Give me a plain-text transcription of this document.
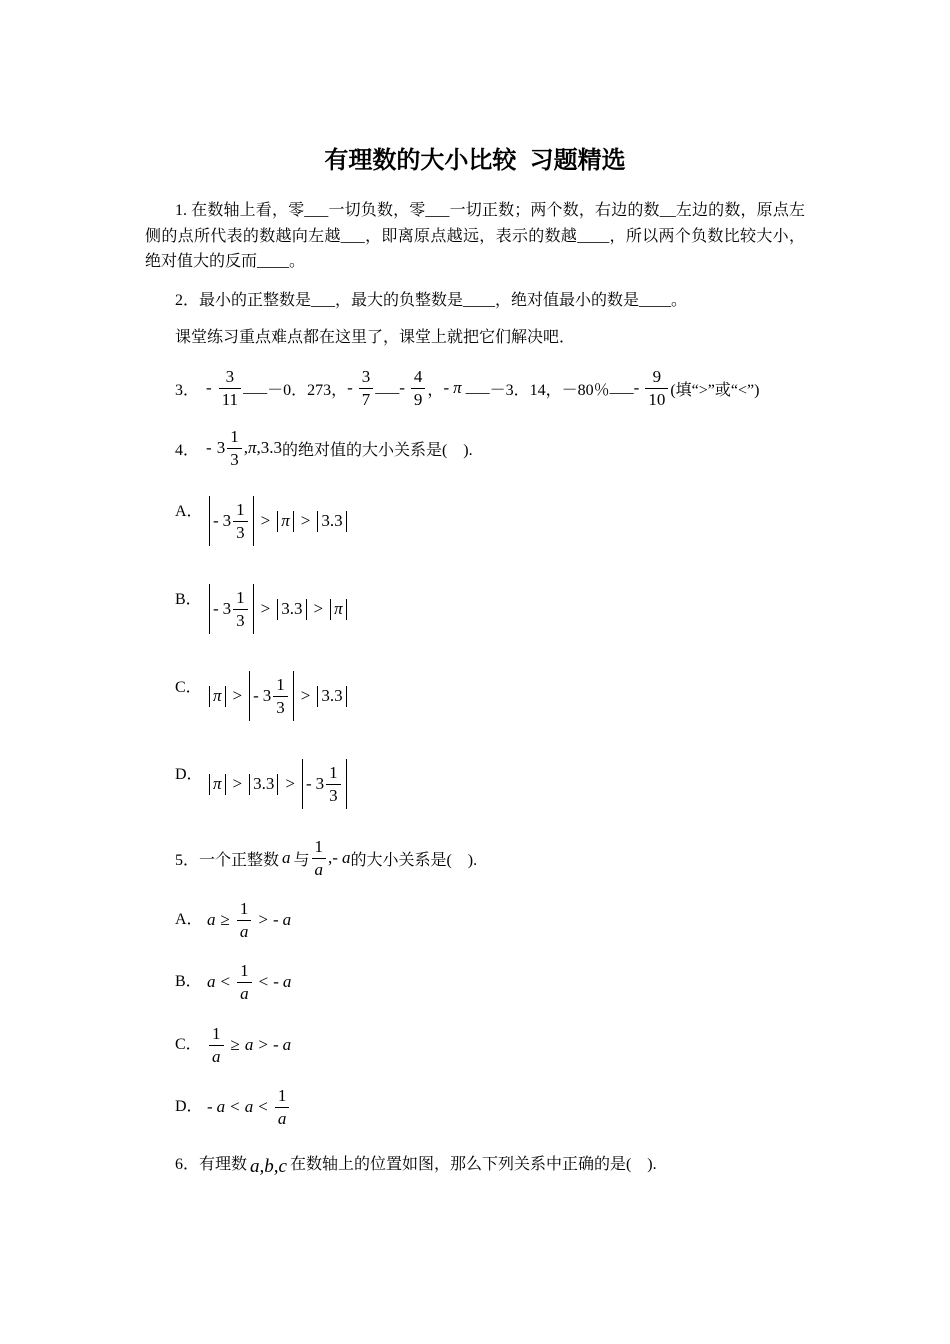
有理数的大小比较  习题精选
1. 在数轴上看，零___一切负数，零___一切正数；两个数，右边的数__左边的数，原点左
侧的点所代表的数越向左越___，即离原点越远，表示的数越____，所以两个负数比较大小，
绝对值大的反而____。
2．最小的正整数是___，最大的负整数是____，绝对值最小的数是____。
课堂练习重点难点都在这里了，课堂上就把它们解决吧．
3． - $\frac{3}{11}$ ___ －0．273， - $\frac{3}{7}$ ___ - $\frac{4}{9}$ ， - π ___ －3．14，－80％ ___ - $\frac{9}{10}$ (填“>”或“<”)
4． - $3 \frac{1}{3}$ , π ,3.3 的绝对值的大小关系是(    ).
A． - $3 \frac{1}{3} > \pi > 3.3$
B． - $3 \frac{1}{3} > 3.3 > \pi$
C． π > - $3 \frac{1}{3} > 3.3$
D． π > 3.3 > - $3 \frac{1}{3}$
5． 一个正整数 a 与 $\frac{1}{a}$ , - a 的大小关系是(    ).
A． $a \ge \frac{1}{a}$ > - a
B． $a < \frac{1}{a}$ < - a
C． $\frac{1}{a} \ge a$ > - a
D． - $a < a < \frac{1}{a}$
6． 有理数 a,b,c 在数轴上的位置如图，那么下列关系中正确的是(    ).
